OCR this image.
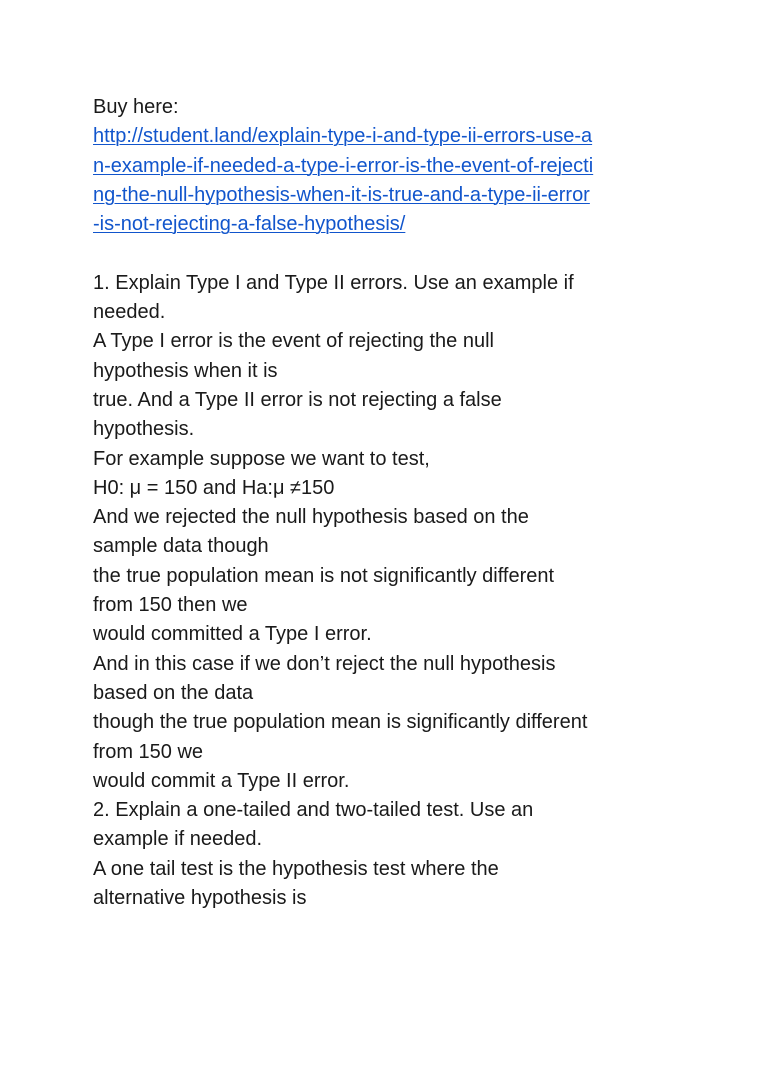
Buy here:
http://student.land/explain-type-i-and-type-ii-errors-use-a
n-example-if-needed-a-type-i-error-is-the-event-of-rejecti
ng-the-null-hypothesis-when-it-is-true-and-a-type-ii-error
-is-not-rejecting-a-false-hypothesis/
1. Explain Type I and Type II errors. Use an example if
needed.
A Type I error is the event of rejecting the null
hypothesis when it is
true. And a Type II error is not rejecting a false
hypothesis.
For example suppose we want to test,
H0: μ = 150 and Ha:μ ≠150
And we rejected the null hypothesis based on the
sample data though
the true population mean is not significantly different
from 150 then we
would committed a Type I error.
And in this case if we don’t reject the null hypothesis
based on the data
though the true population mean is significantly different
from 150 we
would commit a Type II error.
2. Explain a one-tailed and two-tailed test. Use an
example if needed.
A one tail test is the hypothesis test where the
alternative hypothesis is
